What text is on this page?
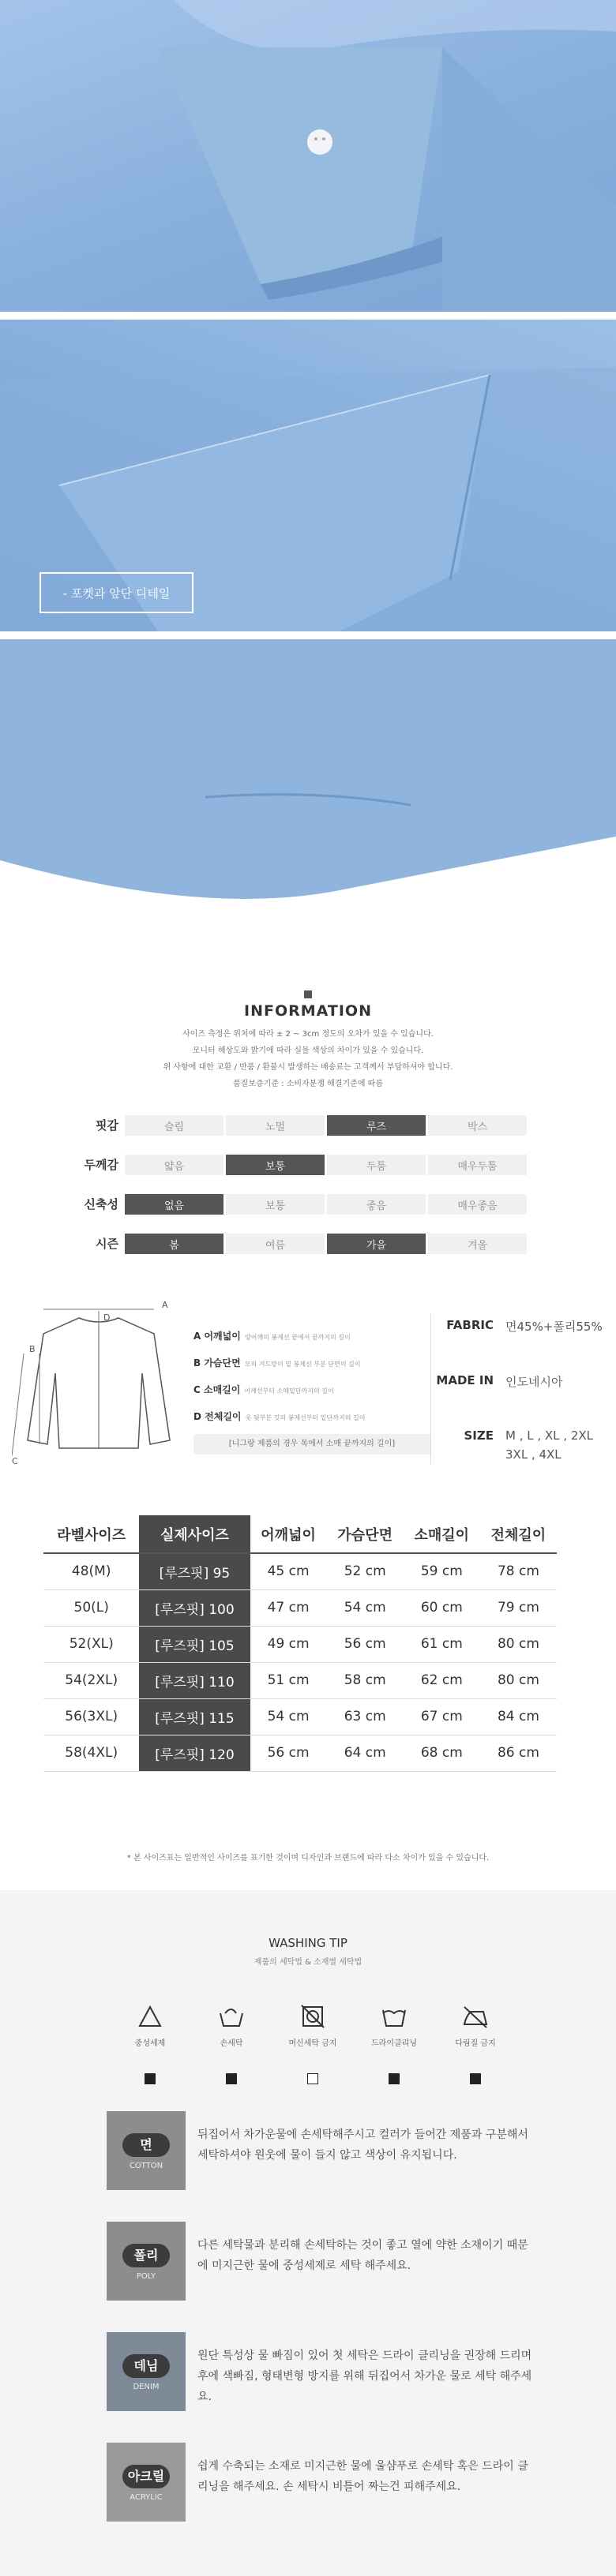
- 포켓과 앞단 디테일
INFORMATION
사이즈 측정은 위치에 따라 ± 2 ~ 3cm 정도의 오차가 있을 수 있습니다.
모니터 해상도와 밝기에 따라 실물 색상의 차이가 있을 수 있습니다.
위 사항에 대한 교환 / 반품 / 환불시 발생하는 배송료는 고객께서 부담하셔야 합니다.
품질보증기준 : 소비자분쟁 해결기준에 따름
핏감	슬림	노멀	루즈	박스
두께감	얇음	보통	두툼	매우두툼
신축성	없음	보통	좋음	매우좋음
시즌	봄	여름	가을	겨울
A
B
C
D
A 어깨넓이 양어깨의 봉제선 끝에서 끝까지의 길이
B 가슴단면 모의 겨드랑이 밑 봉제선 부분 단면의 길이
C 소매길이 어깨선부터 소매밑단까지의 길이
D 전체길이 옷 뒷부분 깃의 봉제선부터 밑단까지의 길이
[니그랑 제품의 경우 목에서 소매 끝까지의 길이]
FABRIC 면45%+폴리55%
MADE IN 인도네시아
SIZE M , L , XL , 2XL
3XL , 4XL
라벨사이즈	실제사이즈	어깨넓이	가슴단면	소매길이	전체길이
48(M)	[루즈핏] 95	45 cm	52 cm	59 cm	78 cm
50(L)	[루즈핏] 100	47 cm	54 cm	60 cm	79 cm
52(XL)	[루즈핏] 105	49 cm	56 cm	61 cm	80 cm
54(2XL)	[루즈핏] 110	51 cm	58 cm	62 cm	80 cm
56(3XL)	[루즈핏] 115	54 cm	63 cm	67 cm	84 cm
58(4XL)	[루즈핏] 120	56 cm	64 cm	68 cm	86 cm
* 본 사이즈표는 일반적인 사이즈를 표기한 것이며 디자인과 브랜드에 따라 다소 차이가 있을 수 있습니다.
WASHING TIP
제품의 세탁법 & 소재별 세탁법
중성세제	손세탁	머신세탁 금지	드라이클리닝	다림질 금지
면
COTTON
뒤집어서 차가운물에 손세탁해주시고 컬러가 들어간 제품과 구분해서 세탁하셔야 원웃에 물이 들지 않고 색상이 유지됩니다.
폴리
POLY
다른 세탁물과 분리해 손세탁하는 것이 좋고 열에 약한 소재이기 때문에 미지근한 물에 중성세제로 세탁 해주세요.
데님
DENIM
원단 특성상 물 빠짐이 있어 첫 세탁은 드라이 클리닝을 권장해 드리며 후에 색빠짐, 형태변형 방지를 위해 뒤집어서 차가운 물로 세탁 해주세요.
아크릴
ACRYLIC
쉽게 수축되는 소재로 미지근한 물에 울샴푸로 손세탁 혹은 드라이 클리닝을 해주세요. 손 세탁시 비틀어 짜는건 피해주세요.
